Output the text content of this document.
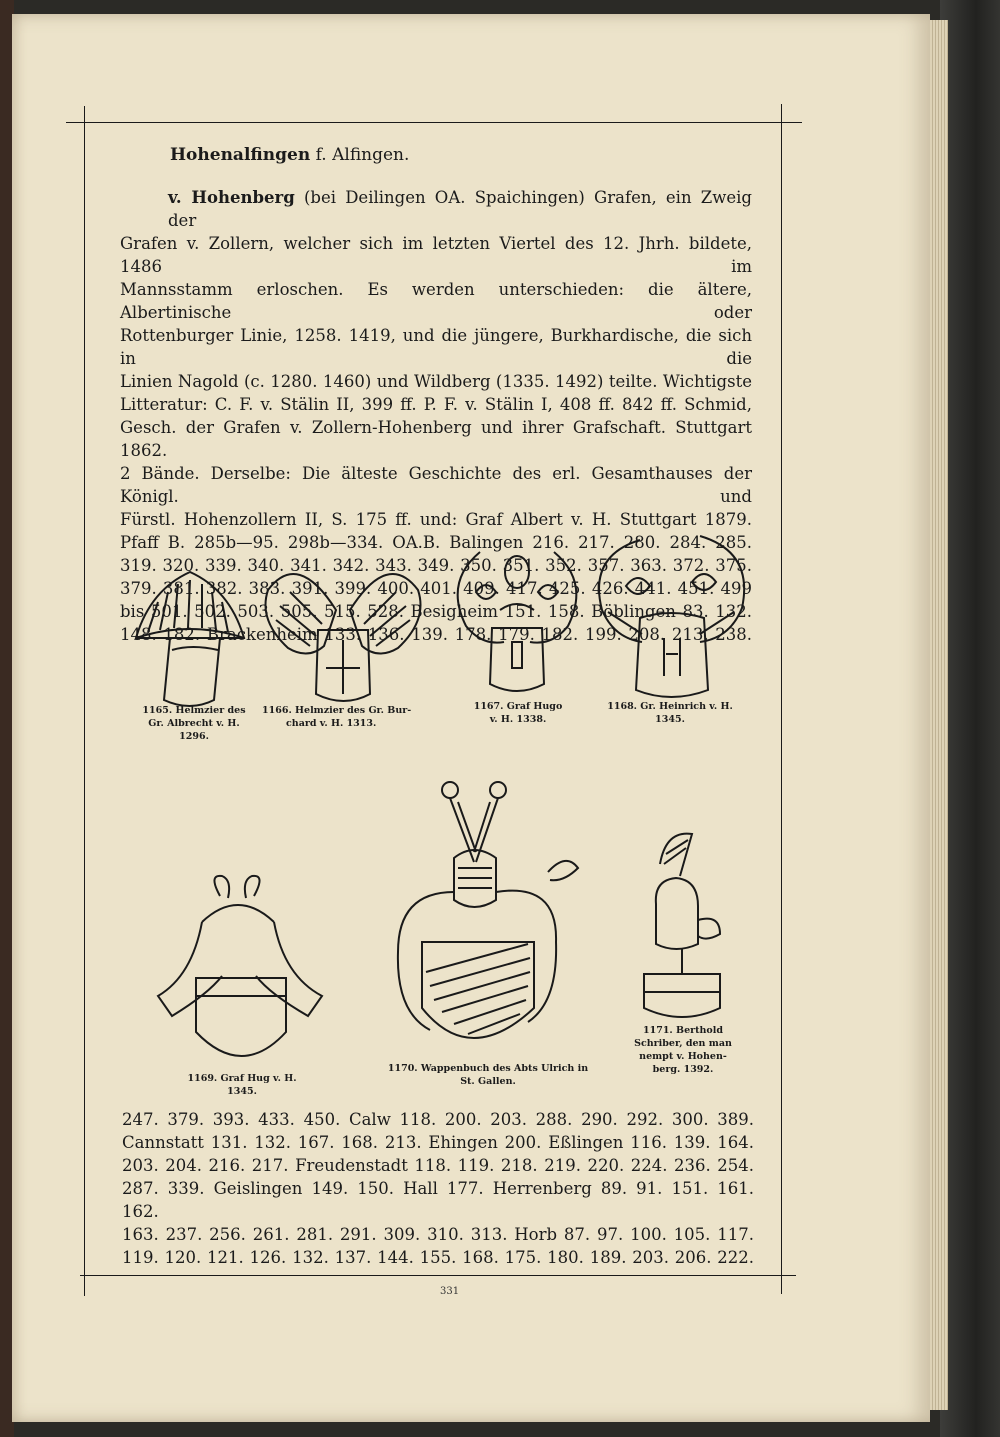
Hohenalfingen f. Alfingen.
v. Hohenberg (bei Deilingen OA. Spaichingen) Grafen, ein Zweig der
Grafen v. Zollern, welcher sich im letzten Viertel des 12. Jhrh. bildete, 1486 im
Mannsstamm erloschen. Es werden unterschieden: die ältere, Albertinische oder
Rottenburger Linie, 1258. 1419, und die jüngere, Burkhardische, die sich in die
Linien Nagold (c. 1280. 1460) und Wildberg (1335. 1492) teilte. Wichtigste
Litteratur: C. F. v. Stälin II, 399 ff. P. F. v. Stälin I, 408 ff. 842 ff. Schmid,
Gesch. der Grafen v. Zollern-Hohenberg und ihrer Grafschaft. Stuttgart 1862.
2 Bände. Derselbe: Die älteste Geschichte des erl. Gesamthauses der Königl. und
Fürstl. Hohenzollern II, S. 175 ff. und: Graf Albert v. H. Stuttgart 1879.
Pfaff B. 285b—95. 298b—334. OA.B. Balingen 216. 217. 280. 284. 285.
319. 320. 339. 340. 341. 342. 343. 349. 350. 351. 352. 357. 363. 372. 375.
379. 381. 382. 383. 391. 399. 400. 401. 409. 417. 425. 426. 441. 451. 499
bis 501. 502. 503. 505. 515. 528. Besigheim 151. 158. Böblingen 83. 132.
148. 182. Brackenheim 133. 136. 139. 178. 179. 182. 199. 208. 213. 238.
1165. Helmzier des
Gr. Albrecht v. H.
1296.
1166. Helmzier des Gr. Bur-
chard v. H. 1313.
1167. Graf Hugo
v. H. 1338.
1168. Gr. Heinrich v. H.
1345.
1169. Graf Hug v. H.
1345.
1170. Wappenbuch des Abts Ulrich in
St. Gallen.
1171. Berthold
Schriber, den man
nempt v. Hohen-
berg. 1392.
247. 379. 393. 433. 450. Calw 118. 200. 203. 288. 290. 292. 300. 389.
Cannstatt 131. 132. 167. 168. 213. Ehingen 200. Eßlingen 116. 139. 164.
203. 204. 216. 217. Freudenstadt 118. 119. 218. 219. 220. 224. 236. 254.
287. 339. Geislingen 149. 150. Hall 177. Herrenberg 89. 91. 151. 161. 162.
163. 237. 256. 261. 281. 291. 309. 310. 313. Horb 87. 97. 100. 105. 117.
119. 120. 121. 126. 132. 137. 144. 155. 168. 175. 180. 189. 203. 206. 222.
331
